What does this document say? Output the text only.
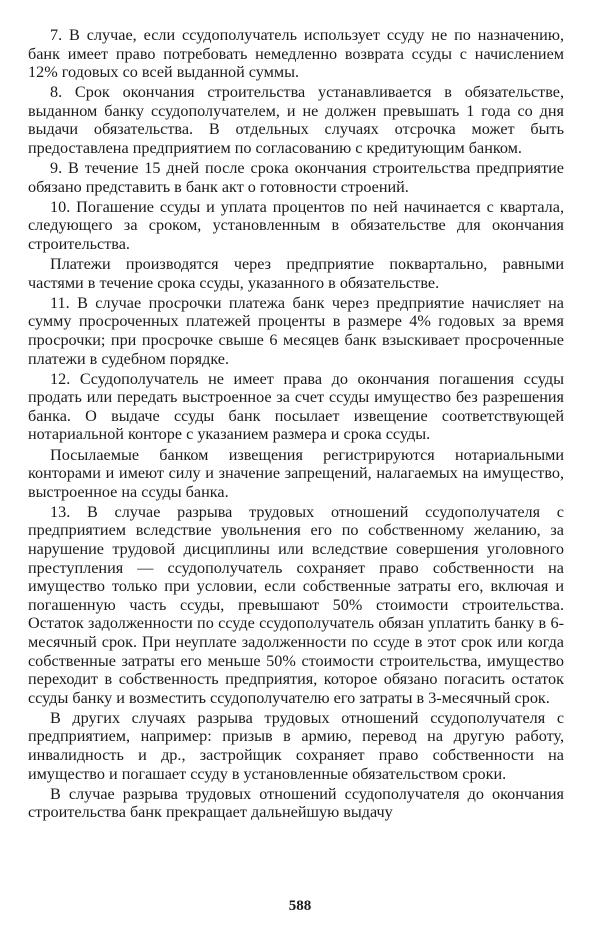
7. В случае, если ссудополучатель использует ссуду не по назначению, банк имеет право потребовать немедленно возврата ссуды с начислением 12% годовых со всей выданной суммы.

8. Срок окончания строительства устанавливается в обязательстве, выданном банку ссудополучателем, и не должен превышать 1 года со дня выдачи обязательства. В отдельных случаях отсрочка может быть предоставлена предприятием по согласованию с кредитующим банком.

9. В течение 15 дней после срока окончания строительства предприятие обязано представить в банк акт о готовности строений.

10. Погашение ссуды и уплата процентов по ней начинается с квартала, следующего за сроком, установленным в обязательстве для окончания строительства.

Платежи производятся через предприятие поквартально, равными частями в течение срока ссуды, указанного в обязательстве.

11. В случае просрочки платежа банк через предприятие начисляет на сумму просроченных платежей проценты в размере 4% годовых за время просрочки; при просрочке свыше 6 месяцев банк взыскивает просроченные платежи в судебном порядке.

12. Ссудополучатель не имеет права до окончания погашения ссуды продать или передать выстроенное за счет ссуды имущество без разрешения банка. О выдаче ссуды банк посылает извещение соответствующей нотариальной конторе с указанием размера и срока ссуды.

Посылаемые банком извещения регистрируются нотариальными конторами и имеют силу и значение запрещений, налагаемых на имущество, выстроенное на ссуды банка.

13. В случае разрыва трудовых отношений ссудополучателя с предприятием вследствие увольнения его по собственному желанию, за нарушение трудовой дисциплины или вследствие совершения уголовного преступления — ссудополучатель сохраняет право собственности на имущество только при условии, если собственные затраты его, включая и погашенную часть ссуды, превышают 50% стоимости строительства. Остаток задолженности по ссуде ссудополучатель обязан уплатить банку в 6-месячный срок. При неуплате задолженности по ссуде в этот срок или когда собственные затраты его меньше 50% стоимости строительства, имущество переходит в собственность предприятия, которое обязано погасить остаток ссуды банку и возместить ссудополучателю его затраты в 3-месячный срок.

В других случаях разрыва трудовых отношений ссудополучателя с предприятием, например: призыв в армию, перевод на другую работу, инвалидность и др., застройщик сохраняет право собственности на имущество и погашает ссуду в установленные обязательством сроки.

В случае разрыва трудовых отношений ссудополучателя до окончания строительства банк прекращает дальнейшую выдачу

588
